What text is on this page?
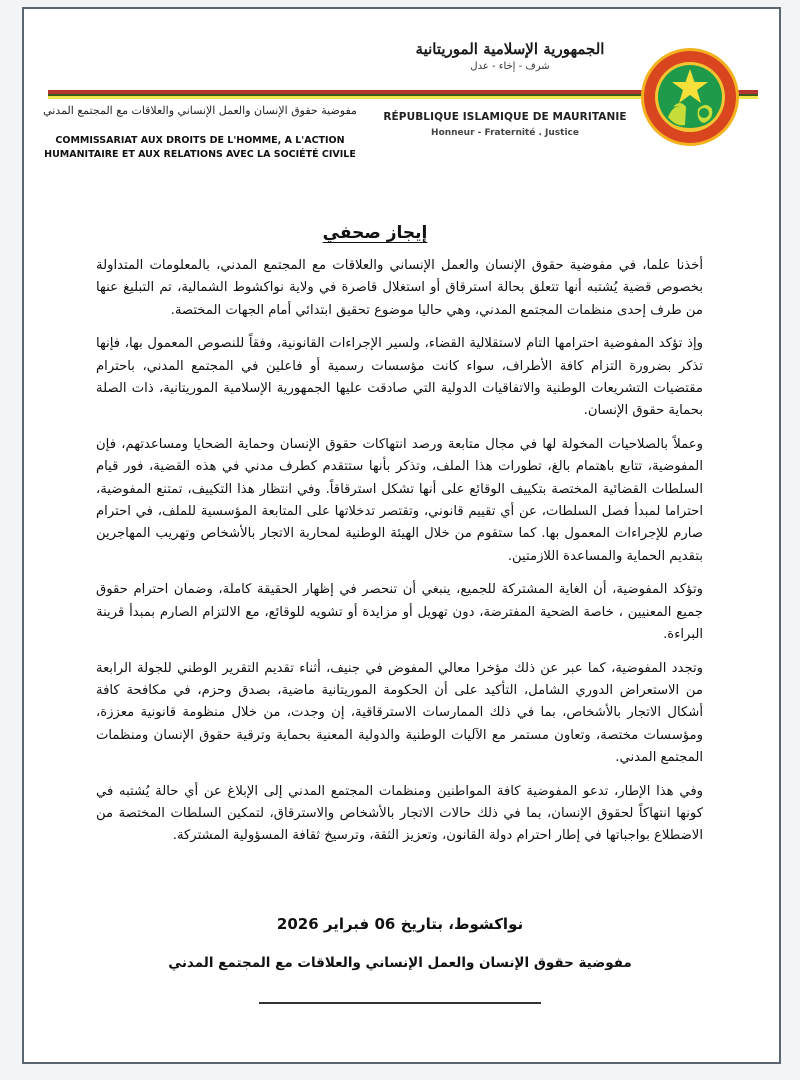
الجمهورية الإسلامية الموريتانية
شرف - إخاء - عدل
RÉPUBLIQUE ISLAMIQUE DE MAURITANIE
Honneur - Fraternité . Justice
مفوضية حقوق الإنسان والعمل الإنساني والعلاقات مع المجتمع المدني
COMMISSARIAT AUX DROITS DE L'HOMME, A L'ACTION
HUMANITAIRE ET AUX RELATIONS AVEC LA SOCIÉTÉ CIVILE
إيجاز صحفي

أخذنا علما، في مفوضية حقوق الإنسان والعمل الإنساني والعلاقات مع المجتمع المدني، بالمعلومات المتداولة بخصوص قضية يُشتبه أنها تتعلق بحالة استرقاق أو استغلال قاصرة في ولاية نواكشوط الشمالية، تم التبليغ عنها من طرف إحدى منظمات المجتمع المدني، وهي حاليا موضوع تحقيق ابتدائي أمام الجهات المختصة.

وإذ تؤكد المفوضية احترامها التام لاستقلالية القضاء، ولسير الإجراءات القانونية، وفقاً للنصوص المعمول بها، فإنها تذكر بضرورة التزام كافة الأطراف، سواء كانت مؤسسات رسمية أو فاعلين في المجتمع المدني، باحترام مقتضيات التشريعات الوطنية والاتفاقيات الدولية التي صادقت عليها الجمهورية الإسلامية الموريتانية، ذات الصلة بحماية حقوق الإنسان.

وعملاً بالصلاحيات المخولة لها في مجال متابعة ورصد انتهاكات حقوق الإنسان وحماية الضحايا ومساعدتهم، فإن المفوضية، تتابع باهتمام بالغ، تطورات هذا الملف، وتذكر بأنها ستتقدم كطرف مدني في هذه القضية، فور قيام السلطات القضائية المختصة بتكييف الوقائع على أنها تشكل استرقاقاً. وفي انتظار هذا التكييف، تمتنع المفوضية، احتراما لمبدأ فصل السلطات، عن أي تقييم قانوني، وتقتصر تدخلاتها على المتابعة المؤسسية للملف، في احترام صارم للإجراءات المعمول بها. كما ستقوم من خلال الهيئة الوطنية لمحاربة الاتجار بالأشخاص وتهريب المهاجرين بتقديم الحماية والمساعدة اللازمتين.

وتؤكد المفوضية، أن الغاية المشتركة للجميع، ينبغي أن تنحصر في إظهار الحقيقة كاملة، وضمان احترام حقوق جميع المعنيين ، خاصة الضحية المفترضة، دون تهويل أو مزايدة أو تشويه للوقائع، مع الالتزام الصارم بمبدأ قرينة البراءة.

وتجدد المفوضية، كما عبر عن ذلك مؤخرا معالي المفوض في جنيف، أثناء تقديم التقرير الوطني للجولة الرابعة من الاستعراض الدوري الشامل، التأكيد على أن الحكومة الموريتانية ماضية، بصدق وحزم، في مكافحة كافة أشكال الاتجار بالأشخاص، بما في ذلك الممارسات الاسترقاقية، إن وجدت، من خلال منظومة قانونية معززة، ومؤسسات مختصة، وتعاون مستمر مع الآليات الوطنية والدولية المعنية بحماية وترقية حقوق الإنسان ومنظمات المجتمع المدني.

وفي هذا الإطار، تدعو المفوضية كافة المواطنين ومنظمات المجتمع المدني إلى الإبلاغ عن أي حالة يُشتبه في كونها انتهاكاً لحقوق الإنسان، بما في ذلك حالات الاتجار بالأشخاص والاسترقاق، لتمكين السلطات المختصة من الاضطلاع بواجباتها في إطار احترام دولة القانون، وتعزيز الثقة، وترسيخ ثقافة المسؤولية المشتركة.

نواكشوط، بتاريخ 06 فبراير 2026
مفوضية حقوق الإنسان والعمل الإنساني والعلاقات مع المجتمع المدني
